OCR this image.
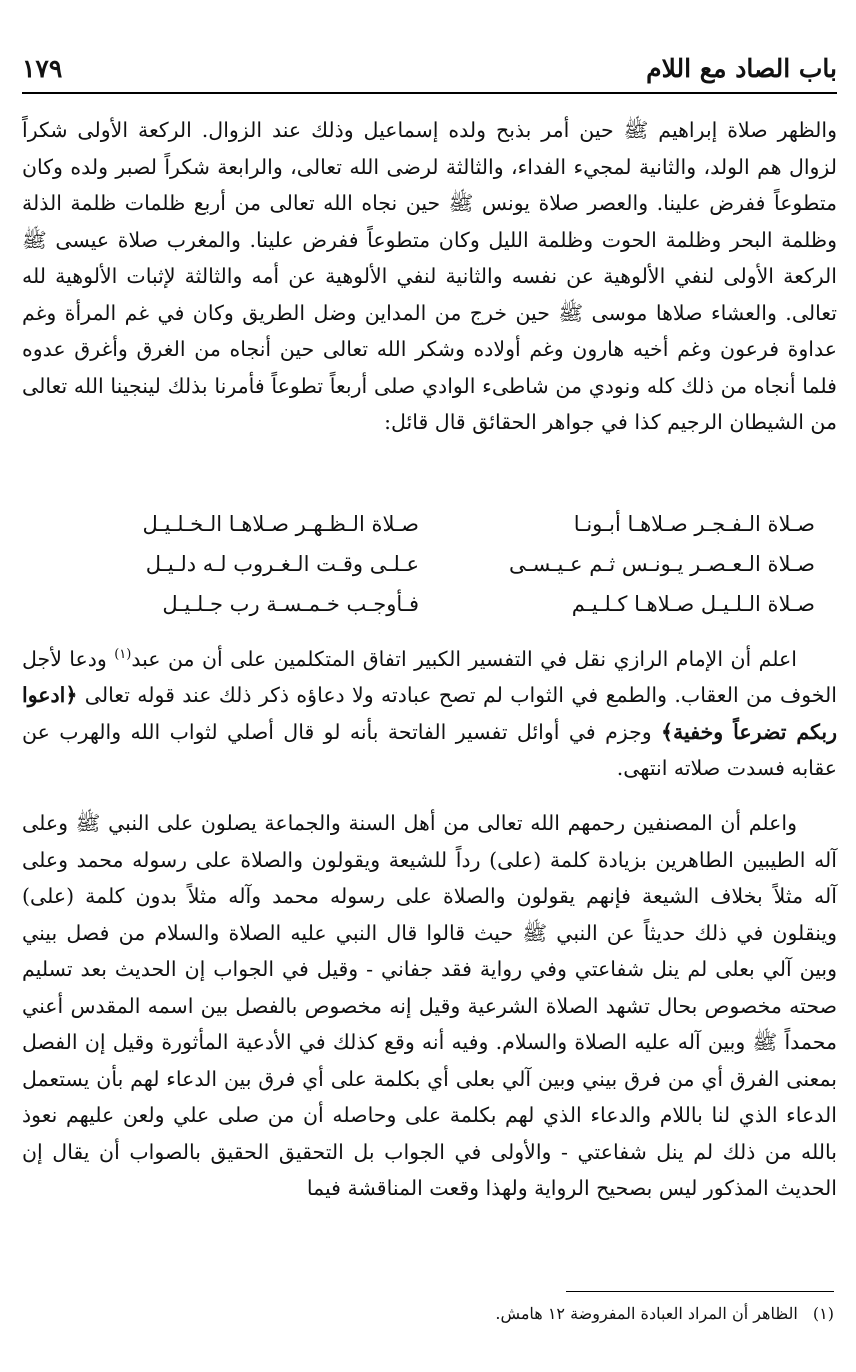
باب الصاد مع اللام
١٧٩

والظهر صلاة إبراهيم ﷺ حين أمر بذبح ولده إسماعيل وذلك عند الزوال. الركعة الأولى شكراً لزوال هم الولد، والثانية لمجيء الفداء، والثالثة لرضى الله تعالى، والرابعة شكراً لصبر ولده وكان متطوعاً ففرض علينا. والعصر صلاة يونس ﷺ حين نجاه الله تعالى من أربع ظلمات ظلمة الذلة وظلمة البحر وظلمة الحوت وظلمة الليل وكان متطوعاً ففرض علينا. والمغرب صلاة عيسى ﷺ الركعة الأولى لنفي الألوهية عن نفسه والثانية لنفي الألوهية عن أمه والثالثة لإثبات الألوهية لله تعالى. والعشاء صلاها موسى ﷺ حين خرج من المداين وضل الطريق وكان في غم المرأة وغم عداوة فرعون وغم أخيه هارون وغم أولاده وشكر الله تعالى حين أنجاه من الغرق وأغرق عدوه فلما أنجاه من ذلك كله ونودي من شاطىء الوادي صلى أربعاً تطوعاً فأمرنا بذلك لينجينا الله تعالى من الشيطان الرجيم كذا في جواهر الحقائق قال قائل:

صـلاة الـفـجـر صـلاهـا أبـونـا
صـلاة الـظـهـر صـلاهـا الـخـلـيـل
صـلاة الـعـصـر يـونـس ثـم عـيـسـى
عـلـى وقـت الـغـروب لـه دلـيـل
صـلاة الـلـيـل صـلاهـا كـلـيـم
فـأوجـب خـمـسـة رب جـلـيـل

اعلم أن الإمام الرازي نقل في التفسير الكبير اتفاق المتكلمين على أن من عبد$^{(١)}$ ودعا لأجل الخوف من العقاب. والطمع في الثواب لم تصح عبادته ولا دعاؤه ذكر ذلك عند قوله تعالى ﴿ادعوا ربكم تضرعاً وخفية﴾ وجزم في أوائل تفسير الفاتحة بأنه لو قال أصلي لثواب الله والهرب عن عقابه فسدت صلاته انتهى.

واعلم أن المصنفين رحمهم الله تعالى من أهل السنة والجماعة يصلون على النبي ﷺ وعلى آله الطيبين الطاهرين بزيادة كلمة (على) رداً للشيعة ويقولون والصلاة على رسوله محمد وعلى آله مثلاً بخلاف الشيعة فإنهم يقولون والصلاة على رسوله محمد وآله مثلاً بدون كلمة (على) وينقلون في ذلك حديثاً عن النبي ﷺ حيث قالوا قال النبي عليه الصلاة والسلام من فصل بيني وبين آلي بعلى لم ينل شفاعتي وفي رواية فقد جفاني - وقيل في الجواب إن الحديث بعد تسليم صحته مخصوص بحال تشهد الصلاة الشرعية وقيل إنه مخصوص بالفصل بين اسمه المقدس أعني محمداً ﷺ وبين آله عليه الصلاة والسلام. وفيه أنه وقع كذلك في الأدعية المأثورة وقيل إن الفصل بمعنى الفرق أي من فرق بيني وبين آلي بعلى أي بكلمة على أي فرق بين الدعاء لهم بأن يستعمل الدعاء الذي لنا باللام والدعاء الذي لهم بكلمة على وحاصله أن من صلى علي ولعن عليهم نعوذ بالله من ذلك لم ينل شفاعتي - والأولى في الجواب بل التحقيق الحقيق بالصواب أن يقال إن الحديث المذكور ليس بصحيح الرواية ولهذا وقعت المناقشة فيما

(١) الظاهر أن المراد العبادة المفروضة ١٢ هامش.
